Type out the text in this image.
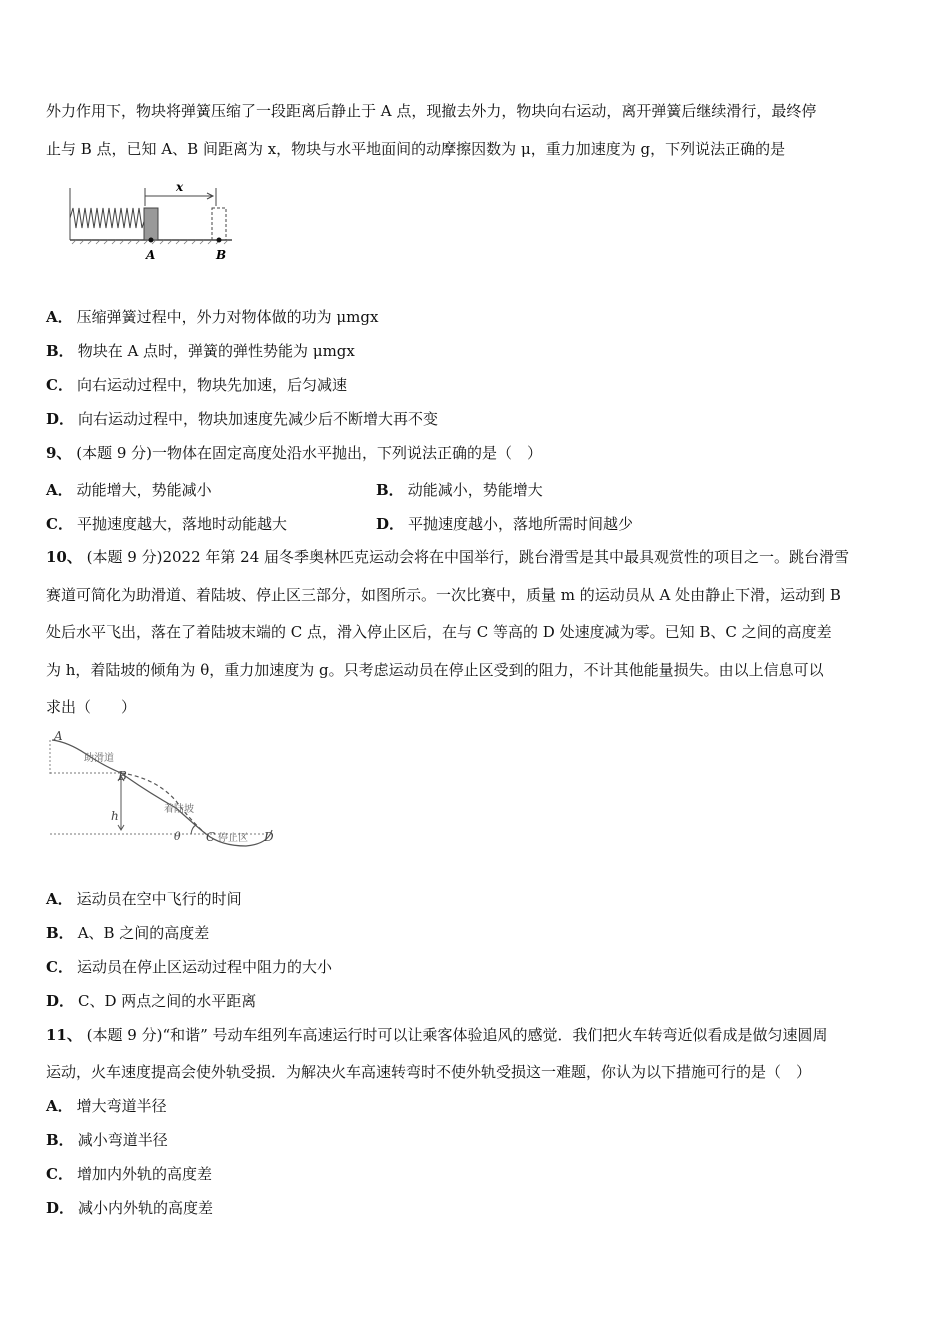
外力作用下，物块将弹簧压缩了一段距离后静止于 A 点，现撤去外力，物块向右运动，离开弹簧后继续滑行，最终停
止与 B 点，已知 A、B 间距离为 x，物块与水平地面间的动摩擦因数为 μ，重力加速度为 g，下列说法正确的是
x
A	B
A． 压缩弹簧过程中，外力对物体做的功为 μmgx
B． 物块在 A 点时，弹簧的弹性势能为 μmgx
C． 向右运动过程中，物块先加速，后匀减速
D． 向右运动过程中，物块加速度先减少后不断增大再不变
9、 (本题 9 分)一物体在固定高度处沿水平抛出，下列说法正确的是（　）
A． 动能增大，势能减小	B． 动能减小，势能增大
C． 平抛速度越大，落地时动能越大	D． 平抛速度越小，落地所需时间越少
10、 (本题 9 分)2022 年第 24 届冬季奥林匹克运动会将在中国举行，跳台滑雪是其中最具观赏性的项目之一。跳台滑雪
赛道可简化为助滑道、着陆坡、停止区三部分，如图所示。一次比赛中，质量 m 的运动员从 A 处由静止下滑，运动到 B
处后水平飞出，落在了着陆坡末端的 C 点，滑入停止区后，在与 C 等高的 D 处速度减为零。已知 B、C 之间的高度差
为 h，着陆坡的倾角为 θ，重力加速度为 g。只考虑运动员在停止区受到的阻力，不计其他能量损失。由以上信息可以
求出（　　）
A
B
h
θ C	D
助滑道
着陆坡
停止区
A． 运动员在空中飞行的时间
B． A、B 之间的高度差
C． 运动员在停止区运动过程中阻力的大小
D． C、D 两点之间的水平距离
11、 (本题 9 分)“和谐” 号动车组列车高速运行时可以让乘客体验追风的感觉．我们把火车转弯近似看成是做匀速圆周
运动，火车速度提高会使外轨受损．为解决火车高速转弯时不使外轨受损这一难题，你认为以下措施可行的是（　）
A． 增大弯道半径
B． 减小弯道半径
C． 增加内外轨的高度差
D． 减小内外轨的高度差
